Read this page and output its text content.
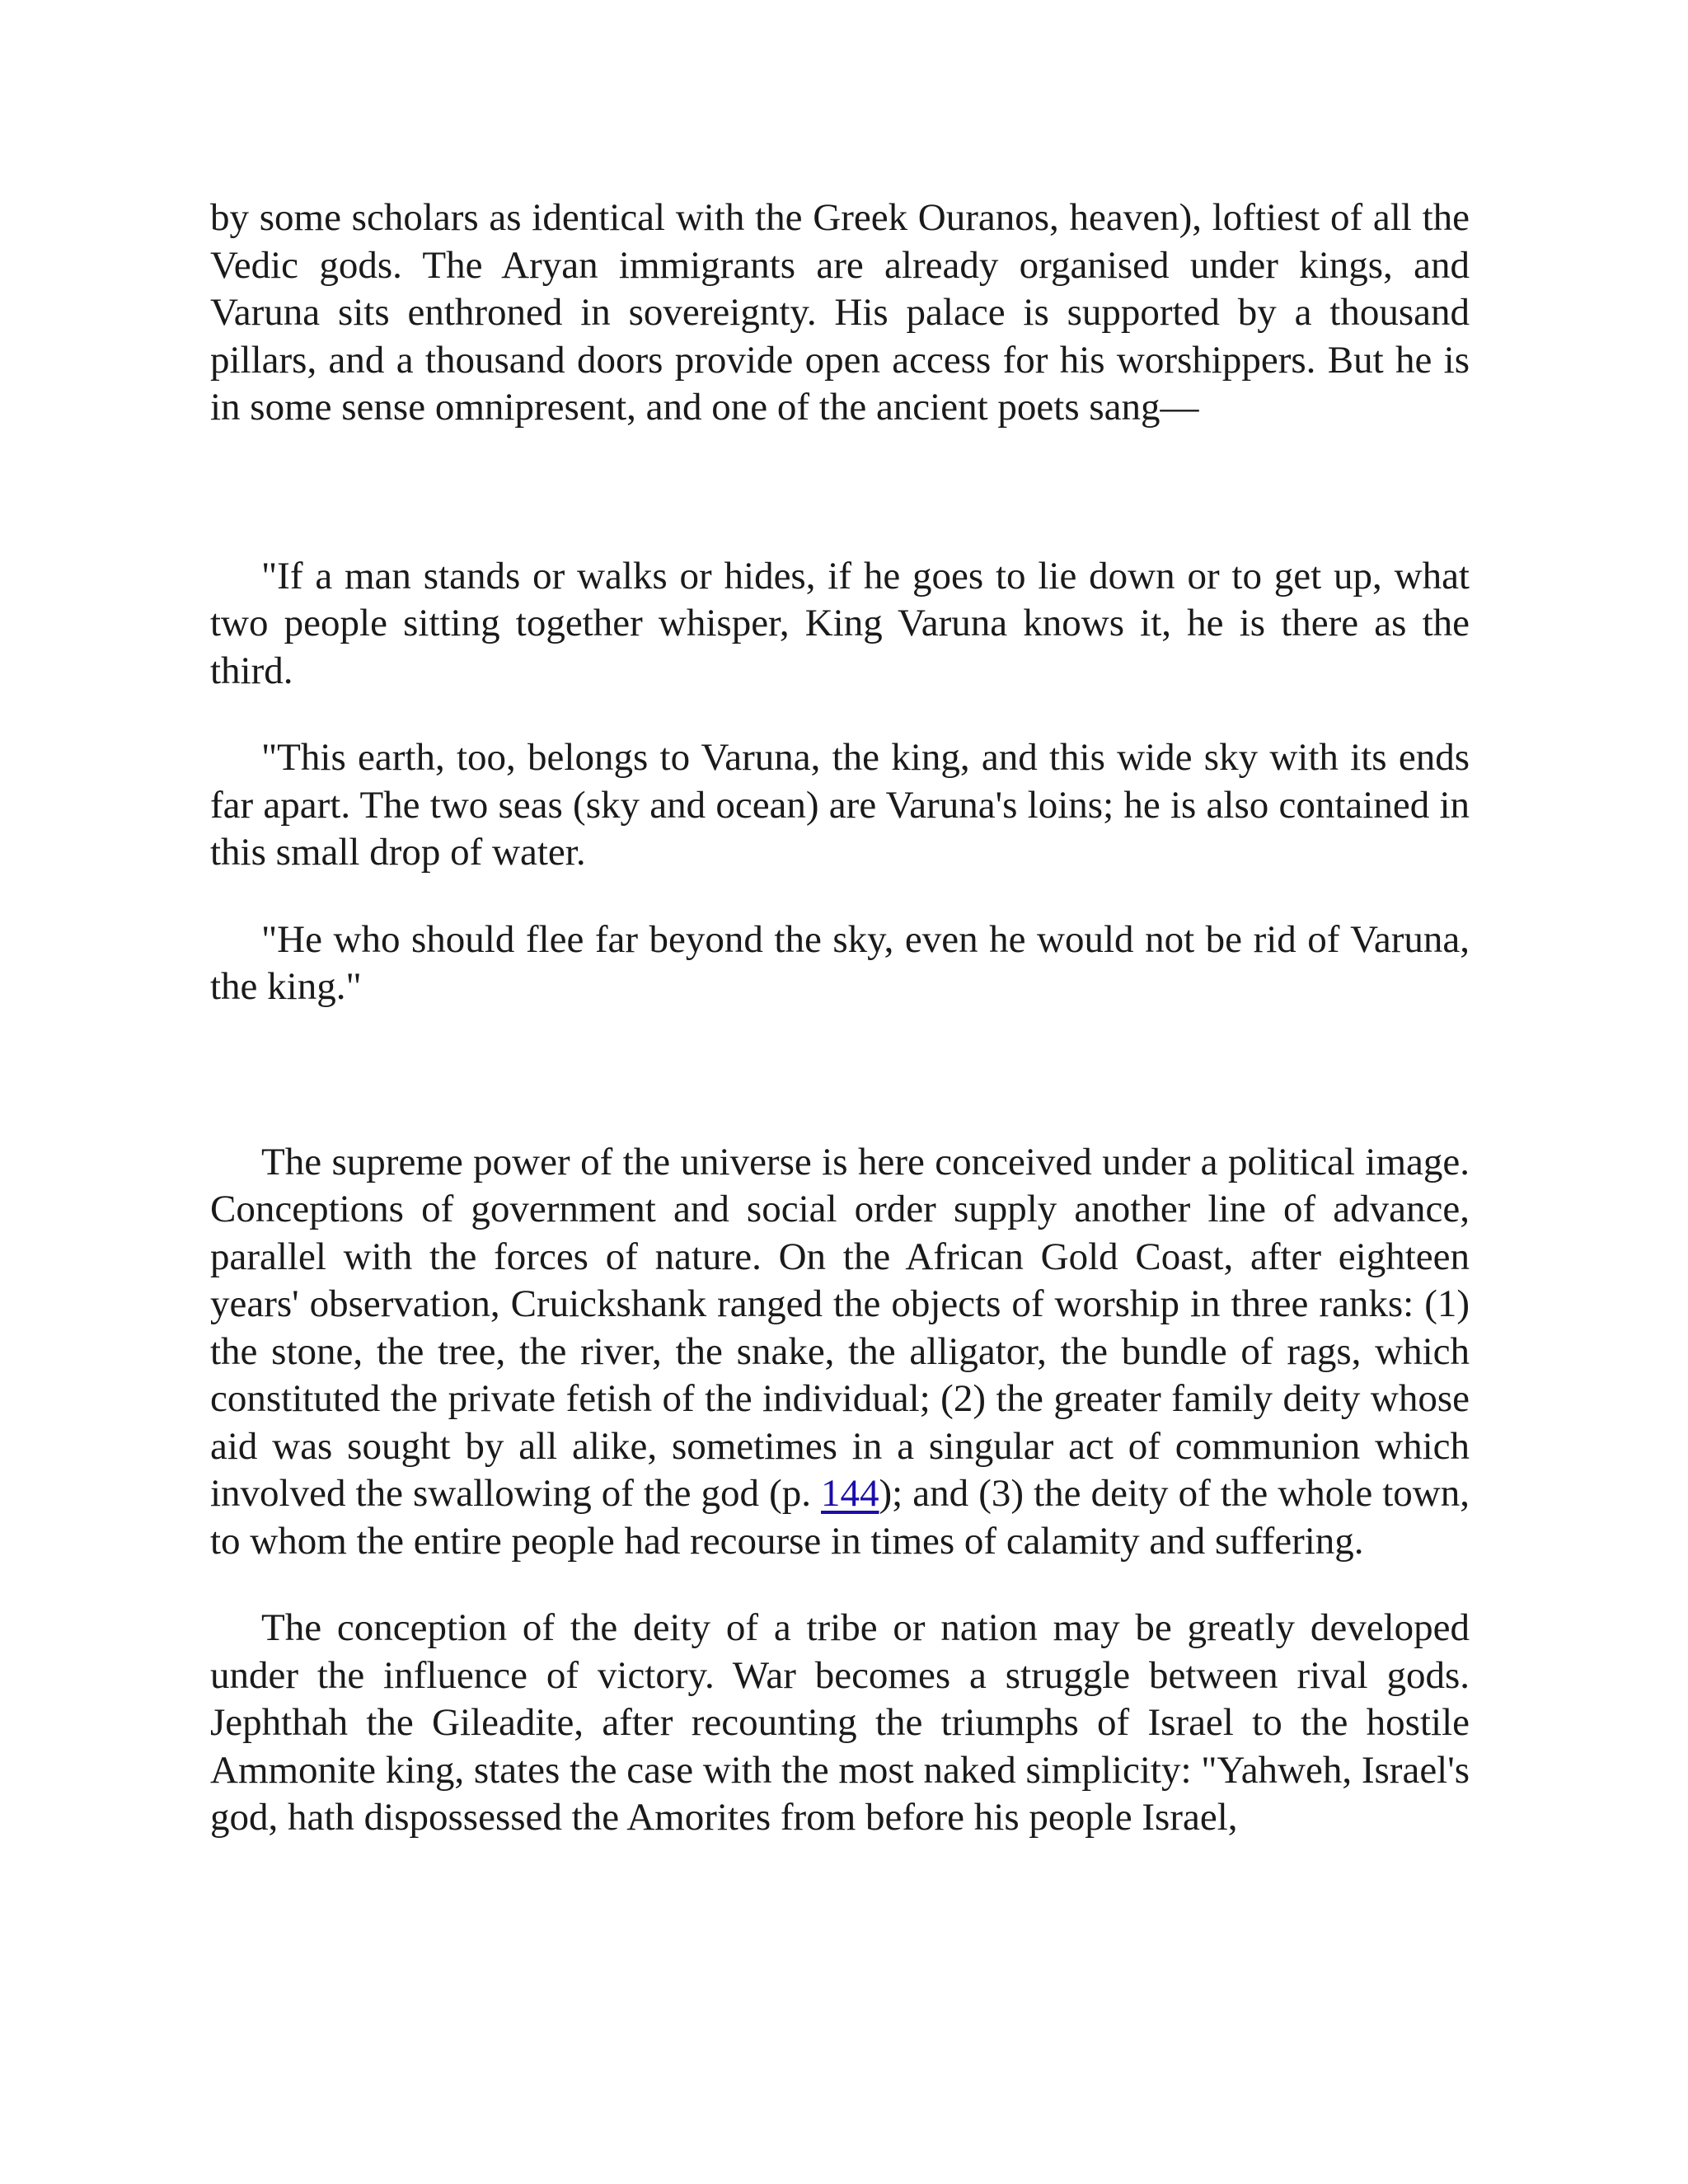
by some scholars as identical with the Greek Ouranos, heaven), loftiest of all the Vedic gods. The Aryan immigrants are already organised under kings, and Varuna sits enthroned in sovereignty. His palace is supported by a thousand pillars, and a thousand doors provide open access for his worshippers. But he is in some sense omnipresent, and one of the ancient poets sang—

"If a man stands or walks or hides, if he goes to lie down or to get up, what two people sitting together whisper, King Varuna knows it, he is there as the third.

"This earth, too, belongs to Varuna, the king, and this wide sky with its ends far apart. The two seas (sky and ocean) are Varuna's loins; he is also contained in this small drop of water.

"He who should flee far beyond the sky, even he would not be rid of Varuna, the king."

The supreme power of the universe is here conceived under a political image. Conceptions of government and social order supply another line of advance, parallel with the forces of nature. On the African Gold Coast, after eighteen years' observation, Cruickshank ranged the objects of worship in three ranks: (1) the stone, the tree, the river, the snake, the alligator, the bundle of rags, which constituted the private fetish of the individual; (2) the greater family deity whose aid was sought by all alike, sometimes in a singular act of communion which involved the swallowing of the god (p. 144); and (3) the deity of the whole town, to whom the entire people had recourse in times of calamity and suffering.

The conception of the deity of a tribe or nation may be greatly developed under the influence of victory. War becomes a struggle between rival gods. Jephthah the Gileadite, after recounting the triumphs of Israel to the hostile Ammonite king, states the case with the most naked simplicity: "Yahweh, Israel's god, hath dispossessed the Amorites from before his people Israel,
